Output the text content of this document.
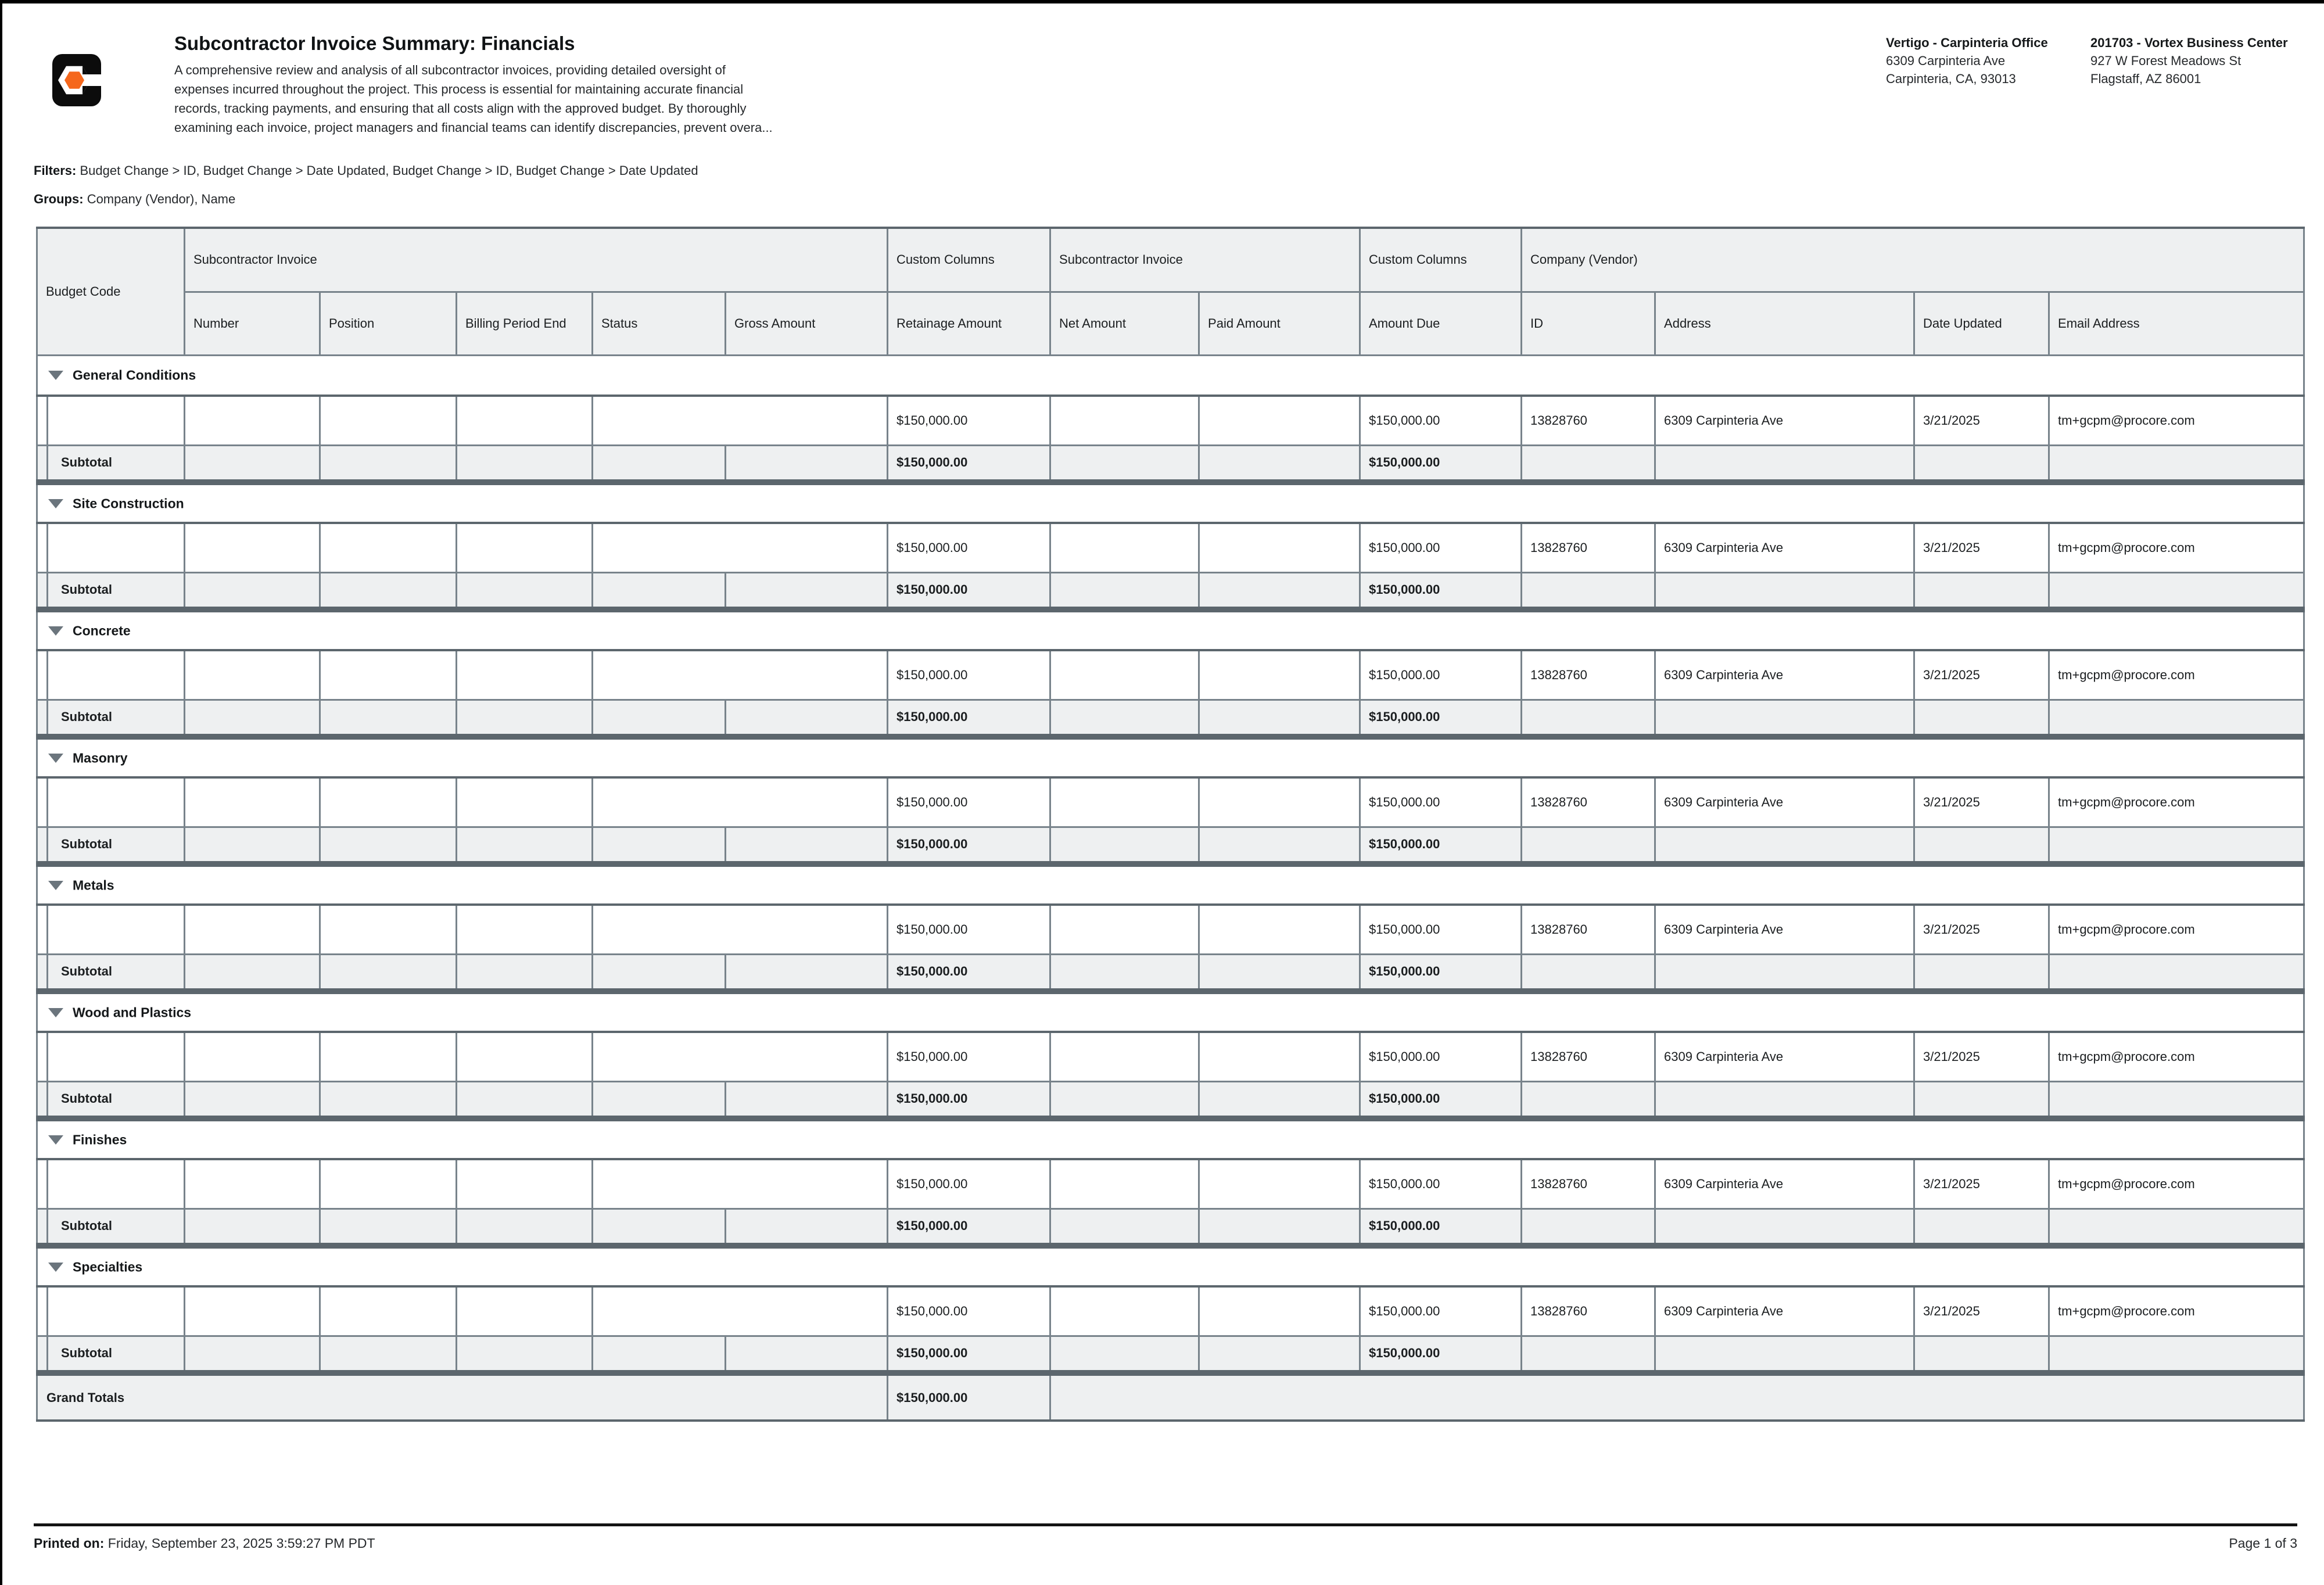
Subcontractor Invoice Summary: Financials
A comprehensive review and analysis of all subcontractor invoices, providing detailed oversight of
expenses incurred throughout the project. This process is essential for maintaining accurate financial
records, tracking payments, and ensuring that all costs align with the approved budget. By thoroughly
examining each invoice, project managers and financial teams can identify discrepancies, prevent overa...
Vertigo - Carpinteria Office
6309 Carpinteria Ave
Carpinteria, CA, 93013
201703 - Vortex Business Center
927 W Forest Meadows St
Flagstaff, AZ 86001
Filters: Budget Change > ID, Budget Change > Date Updated, Budget Change > ID, Budget Change > Date Updated
Groups: Company (Vendor), Name
Budget Code		Subcontractor Invoice					Custom Columns	Subcontractor Invoice		Custom Columns	Company (Vendor)			
		Number	Position	Billing Period End	Status	Gross Amount	Retainage Amount	Net Amount	Paid Amount	Amount Due	ID	Address	Date Updated	Email Address
General Conditions														
							$150,000.00			$150,000.00	13828760	6309 Carpinteria Ave	3/21/2025	tm+gcpm@procore.com
	Subtotal						$150,000.00			$150,000.00				
Site Construction														
							$150,000.00			$150,000.00	13828760	6309 Carpinteria Ave	3/21/2025	tm+gcpm@procore.com
	Subtotal						$150,000.00			$150,000.00				
Concrete														
							$150,000.00			$150,000.00	13828760	6309 Carpinteria Ave	3/21/2025	tm+gcpm@procore.com
	Subtotal						$150,000.00			$150,000.00				
Masonry														
							$150,000.00			$150,000.00	13828760	6309 Carpinteria Ave	3/21/2025	tm+gcpm@procore.com
	Subtotal						$150,000.00			$150,000.00				
Metals														
							$150,000.00			$150,000.00	13828760	6309 Carpinteria Ave	3/21/2025	tm+gcpm@procore.com
	Subtotal						$150,000.00			$150,000.00				
Wood and Plastics														
							$150,000.00			$150,000.00	13828760	6309 Carpinteria Ave	3/21/2025	tm+gcpm@procore.com
	Subtotal						$150,000.00			$150,000.00				
Finishes														
							$150,000.00			$150,000.00	13828760	6309 Carpinteria Ave	3/21/2025	tm+gcpm@procore.com
	Subtotal						$150,000.00			$150,000.00				
Specialties														
							$150,000.00			$150,000.00	13828760	6309 Carpinteria Ave	3/21/2025	tm+gcpm@procore.com
	Subtotal						$150,000.00			$150,000.00				
Grand Totals							$150,000.00							
Printed on: Friday, September 23, 2025 3:59:27 PM PDT	Page 1 of 3
